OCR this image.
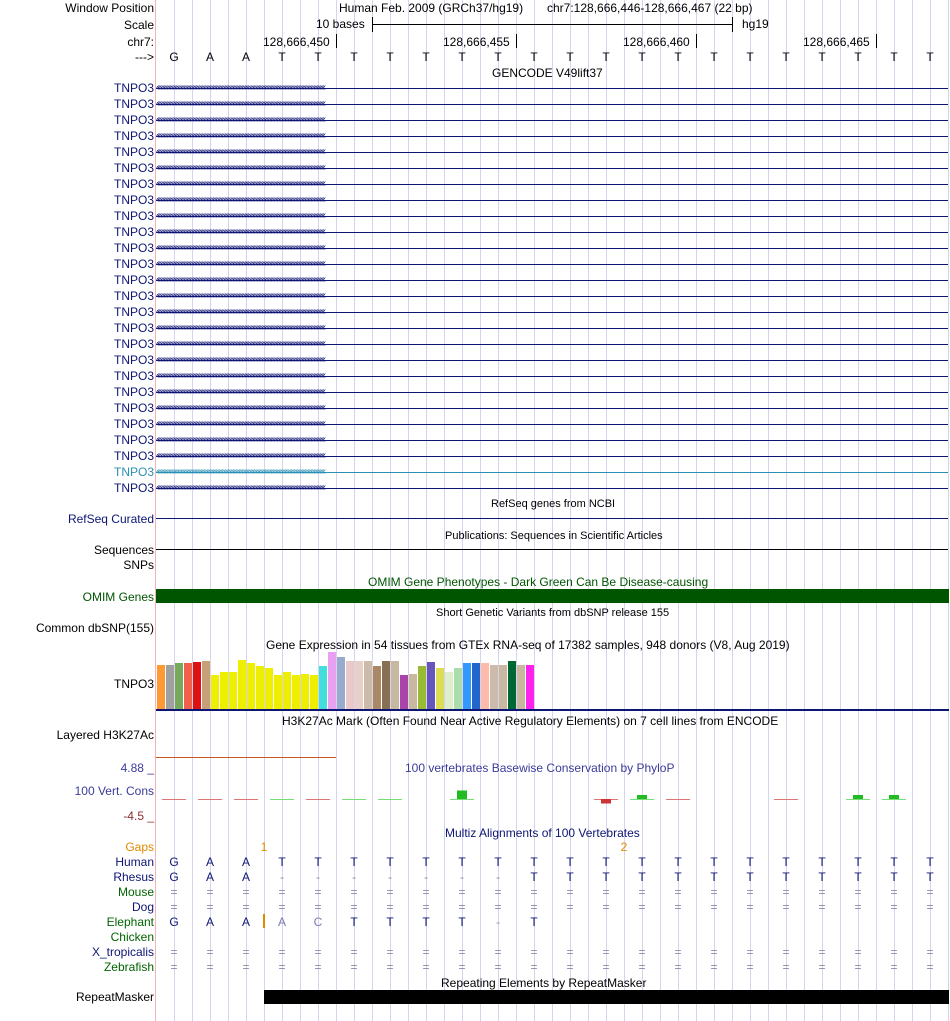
Window Position
Scale
chr7:
--->
Human Feb. 2009 (GRCh37/hg19) chr7:128,666,446-128,666,467 (22 bp)
10 bases	hg19
128,666,450	128,666,455	128,666,460	128,666,465
G	A	A	T	T	T	T	T	T	T	T	T	T	T	T	T	T	T	T	T	T	T
GENCODE V49lift37
TNPO3 ‹‹‹‹‹‹‹‹‹‹‹‹‹‹‹‹‹‹‹‹‹‹‹‹‹‹‹‹‹‹‹‹‹‹‹‹‹‹‹‹‹‹‹‹‹‹‹‹‹‹‹‹‹‹‹‹‹‹‹‹‹‹‹‹‹‹‹‹‹‹‹‹‹‹‹‹‹‹‹‹‹‹‹‹‹‹‹‹‹‹‹‹‹‹‹‹‹‹‹‹‹‹‹‹‹‹‹‹‹‹
TNPO3 ‹‹‹‹‹‹‹‹‹‹‹‹‹‹‹‹‹‹‹‹‹‹‹‹‹‹‹‹‹‹‹‹‹‹‹‹‹‹‹‹‹‹‹‹‹‹‹‹‹‹‹‹‹‹‹‹‹‹‹‹‹‹‹‹‹‹‹‹‹‹‹‹‹‹‹‹‹‹‹‹‹‹‹‹‹‹‹‹‹‹‹‹‹‹‹‹‹‹‹‹‹‹‹‹‹‹‹‹‹‹
TNPO3 ‹‹‹‹‹‹‹‹‹‹‹‹‹‹‹‹‹‹‹‹‹‹‹‹‹‹‹‹‹‹‹‹‹‹‹‹‹‹‹‹‹‹‹‹‹‹‹‹‹‹‹‹‹‹‹‹‹‹‹‹‹‹‹‹‹‹‹‹‹‹‹‹‹‹‹‹‹‹‹‹‹‹‹‹‹‹‹‹‹‹‹‹‹‹‹‹‹‹‹‹‹‹‹‹‹‹‹‹‹‹
TNPO3 ‹‹‹‹‹‹‹‹‹‹‹‹‹‹‹‹‹‹‹‹‹‹‹‹‹‹‹‹‹‹‹‹‹‹‹‹‹‹‹‹‹‹‹‹‹‹‹‹‹‹‹‹‹‹‹‹‹‹‹‹‹‹‹‹‹‹‹‹‹‹‹‹‹‹‹‹‹‹‹‹‹‹‹‹‹‹‹‹‹‹‹‹‹‹‹‹‹‹‹‹‹‹‹‹‹‹‹‹‹‹
TNPO3 ‹‹‹‹‹‹‹‹‹‹‹‹‹‹‹‹‹‹‹‹‹‹‹‹‹‹‹‹‹‹‹‹‹‹‹‹‹‹‹‹‹‹‹‹‹‹‹‹‹‹‹‹‹‹‹‹‹‹‹‹‹‹‹‹‹‹‹‹‹‹‹‹‹‹‹‹‹‹‹‹‹‹‹‹‹‹‹‹‹‹‹‹‹‹‹‹‹‹‹‹‹‹‹‹‹‹‹‹‹‹
TNPO3 ‹‹‹‹‹‹‹‹‹‹‹‹‹‹‹‹‹‹‹‹‹‹‹‹‹‹‹‹‹‹‹‹‹‹‹‹‹‹‹‹‹‹‹‹‹‹‹‹‹‹‹‹‹‹‹‹‹‹‹‹‹‹‹‹‹‹‹‹‹‹‹‹‹‹‹‹‹‹‹‹‹‹‹‹‹‹‹‹‹‹‹‹‹‹‹‹‹‹‹‹‹‹‹‹‹‹‹‹‹‹
TNPO3 ‹‹‹‹‹‹‹‹‹‹‹‹‹‹‹‹‹‹‹‹‹‹‹‹‹‹‹‹‹‹‹‹‹‹‹‹‹‹‹‹‹‹‹‹‹‹‹‹‹‹‹‹‹‹‹‹‹‹‹‹‹‹‹‹‹‹‹‹‹‹‹‹‹‹‹‹‹‹‹‹‹‹‹‹‹‹‹‹‹‹‹‹‹‹‹‹‹‹‹‹‹‹‹‹‹‹‹‹‹‹
TNPO3 ‹‹‹‹‹‹‹‹‹‹‹‹‹‹‹‹‹‹‹‹‹‹‹‹‹‹‹‹‹‹‹‹‹‹‹‹‹‹‹‹‹‹‹‹‹‹‹‹‹‹‹‹‹‹‹‹‹‹‹‹‹‹‹‹‹‹‹‹‹‹‹‹‹‹‹‹‹‹‹‹‹‹‹‹‹‹‹‹‹‹‹‹‹‹‹‹‹‹‹‹‹‹‹‹‹‹‹‹‹‹
TNPO3 ‹‹‹‹‹‹‹‹‹‹‹‹‹‹‹‹‹‹‹‹‹‹‹‹‹‹‹‹‹‹‹‹‹‹‹‹‹‹‹‹‹‹‹‹‹‹‹‹‹‹‹‹‹‹‹‹‹‹‹‹‹‹‹‹‹‹‹‹‹‹‹‹‹‹‹‹‹‹‹‹‹‹‹‹‹‹‹‹‹‹‹‹‹‹‹‹‹‹‹‹‹‹‹‹‹‹‹‹‹‹
TNPO3 ‹‹‹‹‹‹‹‹‹‹‹‹‹‹‹‹‹‹‹‹‹‹‹‹‹‹‹‹‹‹‹‹‹‹‹‹‹‹‹‹‹‹‹‹‹‹‹‹‹‹‹‹‹‹‹‹‹‹‹‹‹‹‹‹‹‹‹‹‹‹‹‹‹‹‹‹‹‹‹‹‹‹‹‹‹‹‹‹‹‹‹‹‹‹‹‹‹‹‹‹‹‹‹‹‹‹‹‹‹‹
TNPO3 ‹‹‹‹‹‹‹‹‹‹‹‹‹‹‹‹‹‹‹‹‹‹‹‹‹‹‹‹‹‹‹‹‹‹‹‹‹‹‹‹‹‹‹‹‹‹‹‹‹‹‹‹‹‹‹‹‹‹‹‹‹‹‹‹‹‹‹‹‹‹‹‹‹‹‹‹‹‹‹‹‹‹‹‹‹‹‹‹‹‹‹‹‹‹‹‹‹‹‹‹‹‹‹‹‹‹‹‹‹‹
TNPO3 ‹‹‹‹‹‹‹‹‹‹‹‹‹‹‹‹‹‹‹‹‹‹‹‹‹‹‹‹‹‹‹‹‹‹‹‹‹‹‹‹‹‹‹‹‹‹‹‹‹‹‹‹‹‹‹‹‹‹‹‹‹‹‹‹‹‹‹‹‹‹‹‹‹‹‹‹‹‹‹‹‹‹‹‹‹‹‹‹‹‹‹‹‹‹‹‹‹‹‹‹‹‹‹‹‹‹‹‹‹‹
TNPO3 ‹‹‹‹‹‹‹‹‹‹‹‹‹‹‹‹‹‹‹‹‹‹‹‹‹‹‹‹‹‹‹‹‹‹‹‹‹‹‹‹‹‹‹‹‹‹‹‹‹‹‹‹‹‹‹‹‹‹‹‹‹‹‹‹‹‹‹‹‹‹‹‹‹‹‹‹‹‹‹‹‹‹‹‹‹‹‹‹‹‹‹‹‹‹‹‹‹‹‹‹‹‹‹‹‹‹‹‹‹‹
TNPO3 ‹‹‹‹‹‹‹‹‹‹‹‹‹‹‹‹‹‹‹‹‹‹‹‹‹‹‹‹‹‹‹‹‹‹‹‹‹‹‹‹‹‹‹‹‹‹‹‹‹‹‹‹‹‹‹‹‹‹‹‹‹‹‹‹‹‹‹‹‹‹‹‹‹‹‹‹‹‹‹‹‹‹‹‹‹‹‹‹‹‹‹‹‹‹‹‹‹‹‹‹‹‹‹‹‹‹‹‹‹‹
TNPO3 ‹‹‹‹‹‹‹‹‹‹‹‹‹‹‹‹‹‹‹‹‹‹‹‹‹‹‹‹‹‹‹‹‹‹‹‹‹‹‹‹‹‹‹‹‹‹‹‹‹‹‹‹‹‹‹‹‹‹‹‹‹‹‹‹‹‹‹‹‹‹‹‹‹‹‹‹‹‹‹‹‹‹‹‹‹‹‹‹‹‹‹‹‹‹‹‹‹‹‹‹‹‹‹‹‹‹‹‹‹‹
TNPO3 ‹‹‹‹‹‹‹‹‹‹‹‹‹‹‹‹‹‹‹‹‹‹‹‹‹‹‹‹‹‹‹‹‹‹‹‹‹‹‹‹‹‹‹‹‹‹‹‹‹‹‹‹‹‹‹‹‹‹‹‹‹‹‹‹‹‹‹‹‹‹‹‹‹‹‹‹‹‹‹‹‹‹‹‹‹‹‹‹‹‹‹‹‹‹‹‹‹‹‹‹‹‹‹‹‹‹‹‹‹‹
TNPO3 ‹‹‹‹‹‹‹‹‹‹‹‹‹‹‹‹‹‹‹‹‹‹‹‹‹‹‹‹‹‹‹‹‹‹‹‹‹‹‹‹‹‹‹‹‹‹‹‹‹‹‹‹‹‹‹‹‹‹‹‹‹‹‹‹‹‹‹‹‹‹‹‹‹‹‹‹‹‹‹‹‹‹‹‹‹‹‹‹‹‹‹‹‹‹‹‹‹‹‹‹‹‹‹‹‹‹‹‹‹‹
TNPO3 ‹‹‹‹‹‹‹‹‹‹‹‹‹‹‹‹‹‹‹‹‹‹‹‹‹‹‹‹‹‹‹‹‹‹‹‹‹‹‹‹‹‹‹‹‹‹‹‹‹‹‹‹‹‹‹‹‹‹‹‹‹‹‹‹‹‹‹‹‹‹‹‹‹‹‹‹‹‹‹‹‹‹‹‹‹‹‹‹‹‹‹‹‹‹‹‹‹‹‹‹‹‹‹‹‹‹‹‹‹‹
TNPO3 ‹‹‹‹‹‹‹‹‹‹‹‹‹‹‹‹‹‹‹‹‹‹‹‹‹‹‹‹‹‹‹‹‹‹‹‹‹‹‹‹‹‹‹‹‹‹‹‹‹‹‹‹‹‹‹‹‹‹‹‹‹‹‹‹‹‹‹‹‹‹‹‹‹‹‹‹‹‹‹‹‹‹‹‹‹‹‹‹‹‹‹‹‹‹‹‹‹‹‹‹‹‹‹‹‹‹‹‹‹‹
TNPO3 ‹‹‹‹‹‹‹‹‹‹‹‹‹‹‹‹‹‹‹‹‹‹‹‹‹‹‹‹‹‹‹‹‹‹‹‹‹‹‹‹‹‹‹‹‹‹‹‹‹‹‹‹‹‹‹‹‹‹‹‹‹‹‹‹‹‹‹‹‹‹‹‹‹‹‹‹‹‹‹‹‹‹‹‹‹‹‹‹‹‹‹‹‹‹‹‹‹‹‹‹‹‹‹‹‹‹‹‹‹‹
TNPO3 ‹‹‹‹‹‹‹‹‹‹‹‹‹‹‹‹‹‹‹‹‹‹‹‹‹‹‹‹‹‹‹‹‹‹‹‹‹‹‹‹‹‹‹‹‹‹‹‹‹‹‹‹‹‹‹‹‹‹‹‹‹‹‹‹‹‹‹‹‹‹‹‹‹‹‹‹‹‹‹‹‹‹‹‹‹‹‹‹‹‹‹‹‹‹‹‹‹‹‹‹‹‹‹‹‹‹‹‹‹‹
TNPO3 ‹‹‹‹‹‹‹‹‹‹‹‹‹‹‹‹‹‹‹‹‹‹‹‹‹‹‹‹‹‹‹‹‹‹‹‹‹‹‹‹‹‹‹‹‹‹‹‹‹‹‹‹‹‹‹‹‹‹‹‹‹‹‹‹‹‹‹‹‹‹‹‹‹‹‹‹‹‹‹‹‹‹‹‹‹‹‹‹‹‹‹‹‹‹‹‹‹‹‹‹‹‹‹‹‹‹‹‹‹‹
TNPO3 ‹‹‹‹‹‹‹‹‹‹‹‹‹‹‹‹‹‹‹‹‹‹‹‹‹‹‹‹‹‹‹‹‹‹‹‹‹‹‹‹‹‹‹‹‹‹‹‹‹‹‹‹‹‹‹‹‹‹‹‹‹‹‹‹‹‹‹‹‹‹‹‹‹‹‹‹‹‹‹‹‹‹‹‹‹‹‹‹‹‹‹‹‹‹‹‹‹‹‹‹‹‹‹‹‹‹‹‹‹‹
TNPO3 ‹‹‹‹‹‹‹‹‹‹‹‹‹‹‹‹‹‹‹‹‹‹‹‹‹‹‹‹‹‹‹‹‹‹‹‹‹‹‹‹‹‹‹‹‹‹‹‹‹‹‹‹‹‹‹‹‹‹‹‹‹‹‹‹‹‹‹‹‹‹‹‹‹‹‹‹‹‹‹‹‹‹‹‹‹‹‹‹‹‹‹‹‹‹‹‹‹‹‹‹‹‹‹‹‹‹‹‹‹‹
TNPO3 ‹‹‹‹‹‹‹‹‹‹‹‹‹‹‹‹‹‹‹‹‹‹‹‹‹‹‹‹‹‹‹‹‹‹‹‹‹‹‹‹‹‹‹‹‹‹‹‹‹‹‹‹‹‹‹‹‹‹‹‹‹‹‹‹‹‹‹‹‹‹‹‹‹‹‹‹‹‹‹‹‹‹‹‹‹‹‹‹‹‹‹‹‹‹‹‹‹‹‹‹‹‹‹‹‹‹‹‹‹‹
TNPO3 ‹‹‹‹‹‹‹‹‹‹‹‹‹‹‹‹‹‹‹‹‹‹‹‹‹‹‹‹‹‹‹‹‹‹‹‹‹‹‹‹‹‹‹‹‹‹‹‹‹‹‹‹‹‹‹‹‹‹‹‹‹‹‹‹‹‹‹‹‹‹‹‹‹‹‹‹‹‹‹‹‹‹‹‹‹‹‹‹‹‹‹‹‹‹‹‹‹‹‹‹‹‹‹‹‹‹‹‹‹‹
RefSeq genes from NCBI
RefSeq Curated
Publications: Sequences in Scientific Articles
Sequences
SNPs
OMIM Gene Phenotypes - Dark Green Can Be Disease-causing
OMIM Genes
Short Genetic Variants from dbSNP release 155
Common dbSNP(155)
Gene Expression in 54 tissues from GTEx RNA-seq of 17382 samples, 948 donors (V8, Aug 2019)
TNPO3
H3K27Ac Mark (Often Found Near Active Regulatory Elements) on 7 cell lines from ENCODE
Layered H3K27Ac
100 vertebrates Basewise Conservation by PhyloP
4.88 _
100 Vert. Cons
-4.5 _
Multiz Alignments of 100 Vertebrates
Gaps	1	2
Human	G	A	A	T	T	T	T	T	T	T	T	T	T	T	T	T	T	T	T	T	T	T
Rhesus	G	A	A	-	-	-	-	-	-	-	T	T	T	T	T	T	T	T	T	T	T	T
Mouse	=	=	=	=	=	=	=	=	=	=	=	=	=	=	=	=	=	=	=	=	=	=
Dog	=	=	=	=	=	=	=	=	=	=	=	=	=	=	=	=	=	=	=	=	=	=
Elephant	G	A	A	A	C	T	T	T	T	-	T
Chicken
X_tropicalis	=	=	=	=	=	=	=	=	=	=	=	=	=	=	=	=	=	=	=	=	=	=
Zebrafish	=	=	=	=	=	=	=	=	=	=	=	=	=	=	=	=	=	=	=	=	=	=
Repeating Elements by RepeatMasker
RepeatMasker
